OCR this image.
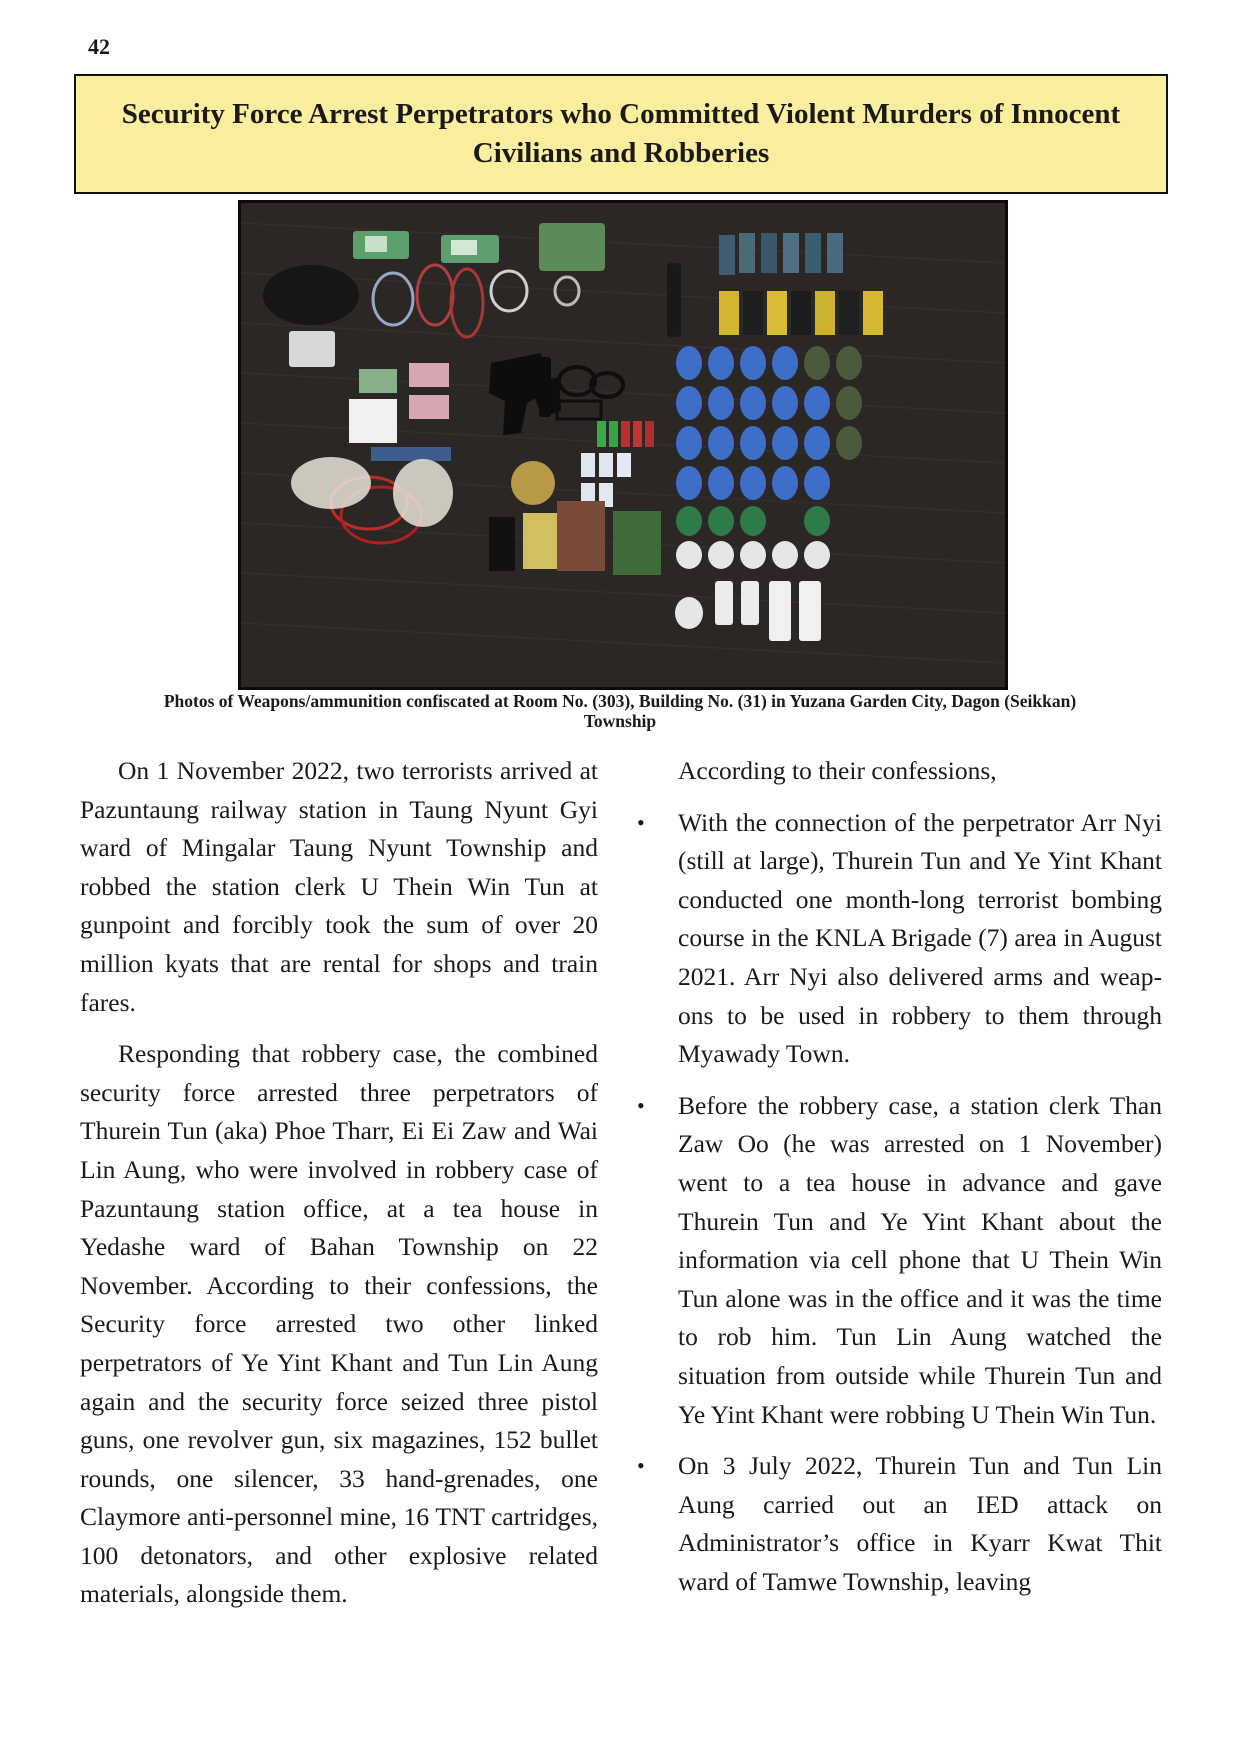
42
Security Force Arrest Perpetrators who Committed Violent Murders of Innocent Civilians and Robberies
Photos of Weapons/ammunition confiscated at Room No. (303), Building No. (31) in Yuzana Garden City, Dagon (Seikkan) Township

On 1 November 2022, two terrorists arrived at Pazuntaung railway station in Taung Nyunt Gyi ward of Mingalar Taung Nyunt Township and robbed the station clerk U Thein Win Tun at gunpoint and forcibly took the sum of over 20 million kyats that are rental for shops and train fares.

Responding that robbery case, the combined security force arrested three perpetrators of Thurein Tun (aka) Phoe Tharr, Ei Ei Zaw and Wai Lin Aung, who were involved in robbery case of Pazuntaung station office, at a tea house in Yedashe ward of Bahan Township on 22 November. According to their confessions, the Security force arrested two other linked perpetrators of Ye Yint Khant and Tun Lin Aung again and the security force seized three pistol guns, one revolver gun, six magazines, 152 bullet rounds, one silencer, 33 hand-grenades, one Claymore anti-personnel mine, 16 TNT cartridges, 100 detonators, and other explosive related materials, alongside them.

According to their confessions,

• With the connection of the perpetrator Arr Nyi (still at large), Thurein Tun and Ye Yint Khant conducted one month-long terrorist bombing course in the KNLA Brigade (7) area in August 2021. Arr Nyi also delivered arms and weapons to be used in robbery to them through Myawady Town.
• Before the robbery case, a station clerk Than Zaw Oo (he was arrested on 1 November) went to a tea house in advance and gave Thurein Tun and Ye Yint Khant about the information via cell phone that U Thein Win Tun alone was in the office and it was the time to rob him. Tun Lin Aung watched the situation from outside while Thurein Tun and Ye Yint Khant were robbing U Thein Win Tun.
• On 3 July 2022, Thurein Tun and Tun Lin Aung carried out an IED attack on Administrator’s office in Kyarr Kwat Thit ward of Tamwe Township, leaving
